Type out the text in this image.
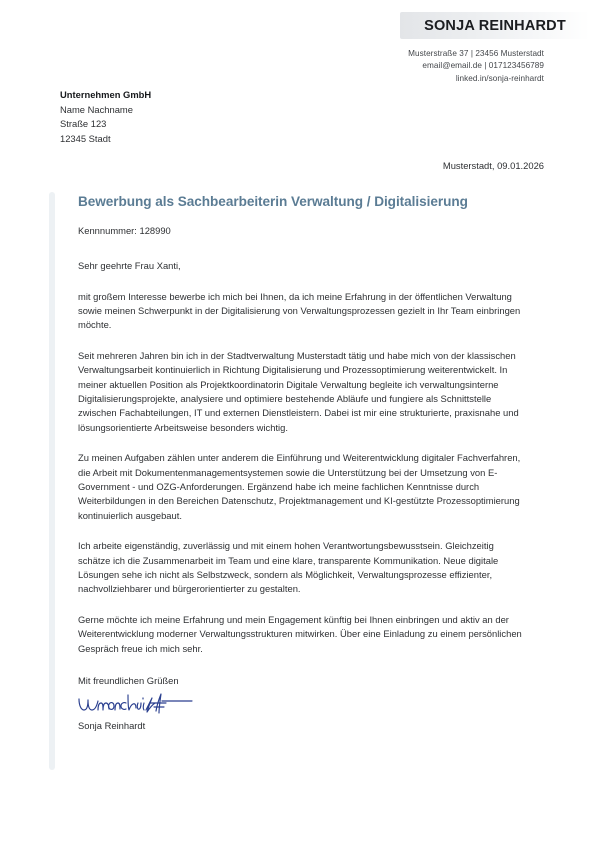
SONJA REINHARDT
Musterstraße 37 | 23456 Musterstadt
email@email.de | 017123456789
linked.in/sonja-reinhardt
Unternehmen GmbH
Name Nachname
Straße 123
12345 Stadt
Musterstadt, 09.01.2026
Bewerbung als Sachbearbeiterin Verwaltung / Digitalisierung

Kennnummer: 128990

Sehr geehrte Frau Xanti,

mit großem Interesse bewerbe ich mich bei Ihnen, da ich meine Erfahrung in der öffentlichen Verwaltung sowie meinen Schwerpunkt in der Digitalisierung von Verwaltungsprozessen gezielt in Ihr Team einbringen möchte.

Seit mehreren Jahren bin ich in der Stadtverwaltung Musterstadt tätig und habe mich von der klassischen Verwaltungsarbeit kontinuierlich in Richtung Digitalisierung und Prozessoptimierung weiterentwickelt. In meiner aktuellen Position als Projektkoordinatorin Digitale Verwaltung begleite ich verwaltungsinterne Digitalisierungsprojekte, analysiere und optimiere bestehende Abläufe und fungiere als Schnittstelle zwischen Fachabteilungen, IT und externen Dienstleistern. Dabei ist mir eine strukturierte, praxisnahe und lösungsorientierte Arbeitsweise besonders wichtig.

Zu meinen Aufgaben zählen unter anderem die Einführung und Weiterentwicklung digitaler Fachverfahren, die Arbeit mit Dokumentenmanagementsystemen sowie die Unterstützung bei der Umsetzung von E-Government - und OZG-Anforderungen. Ergänzend habe ich meine fachlichen Kenntnisse durch Weiterbildungen in den Bereichen Datenschutz, Projektmanagement und KI-gestützte Prozessoptimierung kontinuierlich ausgebaut.

Ich arbeite eigenständig, zuverlässig und mit einem hohen Verantwortungsbewusstsein. Gleichzeitig schätze ich die Zusammenarbeit im Team und eine klare, transparente Kommunikation. Neue digitale Lösungen sehe ich nicht als Selbstzweck, sondern als Möglichkeit, Verwaltungsprozesse effizienter, nachvollziehbarer und bürgerorientierter zu gestalten.

Gerne möchte ich meine Erfahrung und mein Engagement künftig bei Ihnen einbringen und aktiv an der Weiterentwicklung moderner Verwaltungsstrukturen mitwirken. Über eine Einladung zu einem persönlichen Gespräch freue ich mich sehr.

Mit freundlichen Grüßen

Sonja Reinhardt
